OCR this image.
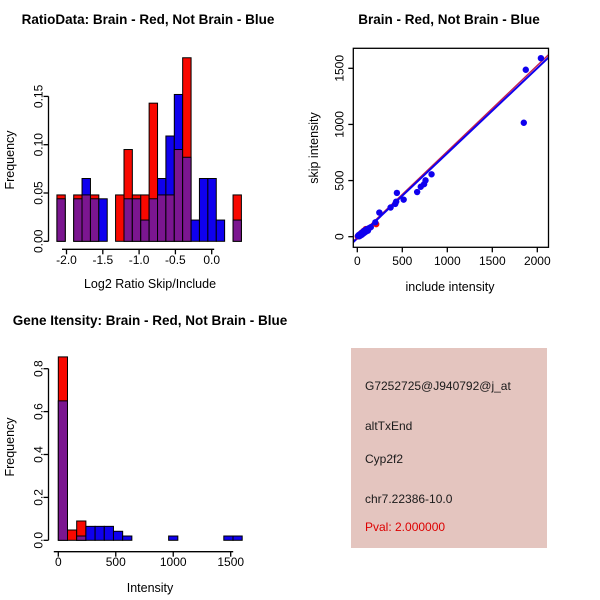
0.00
0.05
0.10
0.15
-2.0 -1.5 -1.0 -0.5 0.0
RatioData: Brain - Red, Not Brain - Blue
Log2 Ratio Skip/Include
Frequency
Brain - Red, Not Brain - Blue
0	500 1000 1500 2000
0
500
1000
1500
include intensity
skip intensity
0.0
0.2
0.4
0.6
0.8
0	500	1000	1500
Gene Itensity: Brain - Red, Not Brain - Blue
Intensity
Frequency
G7252725@J940792@j_at
altTxEnd
Cyp2f2
chr7.22386-10.0
Pval: 2.000000
